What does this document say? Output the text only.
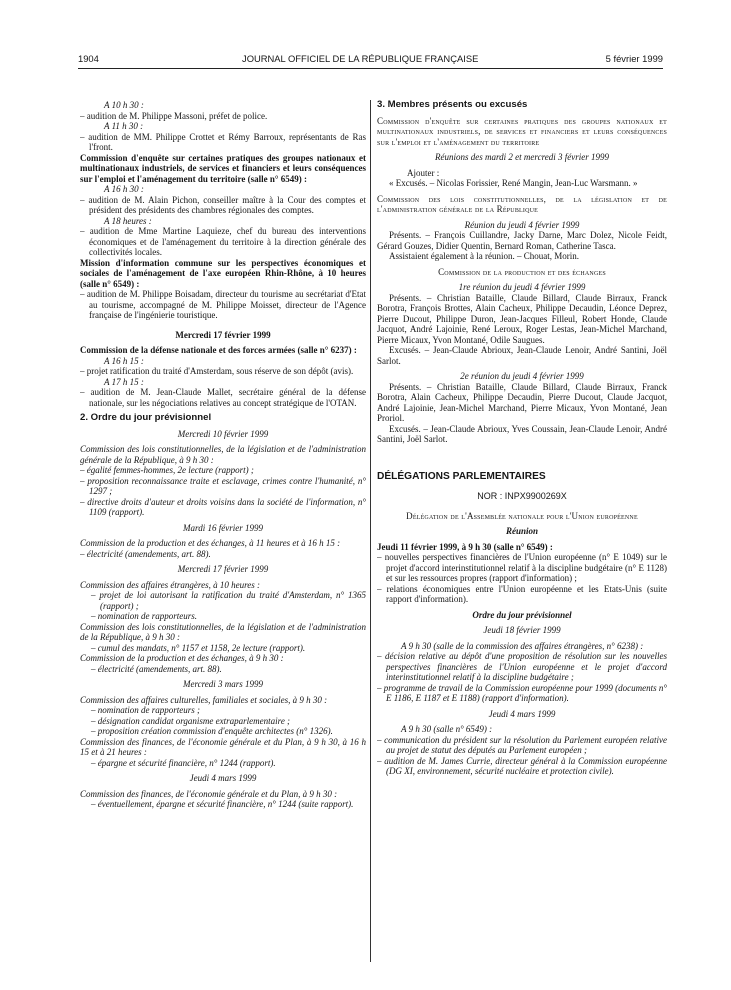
1904	JOURNAL OFFICIEL DE LA RÉPUBLIQUE FRANÇAISE	5 février 1999
A 10 h 30 :
– audition de M. Philippe Massoni, préfet de police.
A 11 h 30 :
– audition de MM. Philippe Crottet et Rémy Barroux, représentants de Ras l'front.
Commission d'enquête sur certaines pratiques des groupes nationaux et multinationaux industriels, de services et financiers et leurs conséquences sur l'emploi et l'aménagement du territoire (salle n° 6549) :
A 16 h 30 :
– audition de M. Alain Pichon, conseiller maître à la Cour des comptes et président des présidents des chambres régionales des comptes.
A 18 heures :
– audition de Mme Martine Laquieze, chef du bureau des interventions économiques et de l'aménagement du territoire à la direction générale des collectivités locales.
Mission d'information commune sur les perspectives économiques et sociales de l'aménagement de l'axe européen Rhin-Rhône, à 10 heures (salle n° 6549) :
– audition de M. Philippe Boisadam, directeur du tourisme au secrétariat d'Etat au tourisme, accompagné de M. Philippe Moisset, directeur de l'Agence française de l'ingénierie touristique.
Mercredi 17 février 1999
Commission de la défense nationale et des forces armées (salle n° 6237) :
A 16 h 15 :
– projet ratification du traité d'Amsterdam, sous réserve de son dépôt (avis).
A 17 h 15 :
– audition de M. Jean-Claude Mallet, secrétaire général de la défense nationale, sur les négociations relatives au concept stratégique de l'OTAN.
2. Ordre du jour prévisionnel
Mercredi 10 février 1999
Commission des lois constitutionnelles, de la législation et de l'administration générale de la République, à 9 h 30 :
– égalité femmes-hommes, 2e lecture (rapport) ;
– proposition reconnaissance traite et esclavage, crimes contre l'humanité, n° 1297 ;
– directive droits d'auteur et droits voisins dans la société de l'information, n° 1109 (rapport).
Mardi 16 février 1999
Commission de la production et des échanges, à 11 heures et à 16 h 15 :
– électricité (amendements, art. 88).
Mercredi 17 février 1999
Commission des affaires étrangères, à 10 heures :
– projet de loi autorisant la ratification du traité d'Amsterdam, n° 1365 (rapport) ;
– nomination de rapporteurs.
Commission des lois constitutionnelles, de la législation et de l'administration de la République, à 9 h 30 :
– cumul des mandats, n° 1157 et 1158, 2e lecture (rapport).
Commission de la production et des échanges, à 9 h 30 :
– électricité (amendements, art. 88).
Mercredi 3 mars 1999
Commission des affaires culturelles, familiales et sociales, à 9 h 30 :
– nomination de rapporteurs ;
– désignation candidat organisme extraparlementaire ;
– proposition création commission d'enquête architectes (n° 1326).
Commission des finances, de l'économie générale et du Plan, à 9 h 30, à 16 h 15 et à 21 heures :
– épargne et sécurité financière, n° 1244 (rapport).
Jeudi 4 mars 1999
Commission des finances, de l'économie générale et du Plan, à 9 h 30 :
– éventuellement, épargne et sécurité financière, n° 1244 (suite rapport).
3. Membres présents ou excusés
Commission d'enquête sur certaines pratiques des groupes nationaux et multinationaux industriels, de services et financiers et leurs conséquences sur l'emploi et l'aménagement du territoire
Réunions des mardi 2 et mercredi 3 février 1999
Ajouter :
« Excusés. – Nicolas Forissier, René Mangin, Jean-Luc Warsmann. »
Commission des lois constitutionnelles, de la législation et de l'administration générale de la République
Réunion du jeudi 4 février 1999
Présents. – François Cuillandre, Jacky Darne, Marc Dolez, Nicole Feidt, Gérard Gouzes, Didier Quentin, Bernard Roman, Catherine Tasca.
Assistaient également à la réunion. – Chouat, Morin.
Commission de la production et des échanges
1re réunion du jeudi 4 février 1999
Présents. – Christian Bataille, Claude Billard, Claude Birraux, Franck Borotra, François Brottes, Alain Cacheux, Philippe Decaudin, Léonce Deprez, Pierre Ducout, Philippe Duron, Jean-Jacques Filleul, Robert Honde, Claude Jacquot, André Lajoinie, René Leroux, Roger Lestas, Jean-Michel Marchand, Pierre Micaux, Yvon Montané, Odile Saugues.
Excusés. – Jean-Claude Abrioux, Jean-Claude Lenoir, André Santini, Joël Sarlot.
2e réunion du jeudi 4 février 1999
Présents. – Christian Bataille, Claude Billard, Claude Birraux, Franck Borotra, Alain Cacheux, Philippe Decaudin, Pierre Ducout, Claude Jacquot, André Lajoinie, Jean-Michel Marchand, Pierre Micaux, Yvon Montané, Jean Proriol.
Excusés. – Jean-Claude Abrioux, Yves Coussain, Jean-Claude Lenoir, André Santini, Joël Sarlot.
DÉLÉGATIONS PARLEMENTAIRES
NOR : INPX9900269X
Délégation de l'Assemblée nationale pour l'Union européenne
Réunion
Jeudi 11 février 1999, à 9 h 30 (salle n° 6549) :
– nouvelles perspectives financières de l'Union européenne (n° E 1049) sur le projet d'accord interinstitutionnel relatif à la discipline budgétaire (n° E 1128) et sur les ressources propres (rapport d'information) ;
– relations économiques entre l'Union européenne et les Etats-Unis (suite rapport d'information).
Ordre du jour prévisionnel
Jeudi 18 février 1999
A 9 h 30 (salle de la commission des affaires étrangères, n° 6238) :
– décision relative au dépôt d'une proposition de résolution sur les nouvelles perspectives financières de l'Union européenne et le projet d'accord interinstitutionnel relatif à la discipline budgétaire ;
– programme de travail de la Commission européenne pour 1999 (documents n° E 1186, E 1187 et E 1188) (rapport d'information).
Jeudi 4 mars 1999
A 9 h 30 (salle n° 6549) :
– communication du président sur la résolution du Parlement européen relative au projet de statut des députés au Parlement européen ;
– audition de M. James Currie, directeur général à la Commission européenne (DG XI, environnement, sécurité nucléaire et protection civile).
